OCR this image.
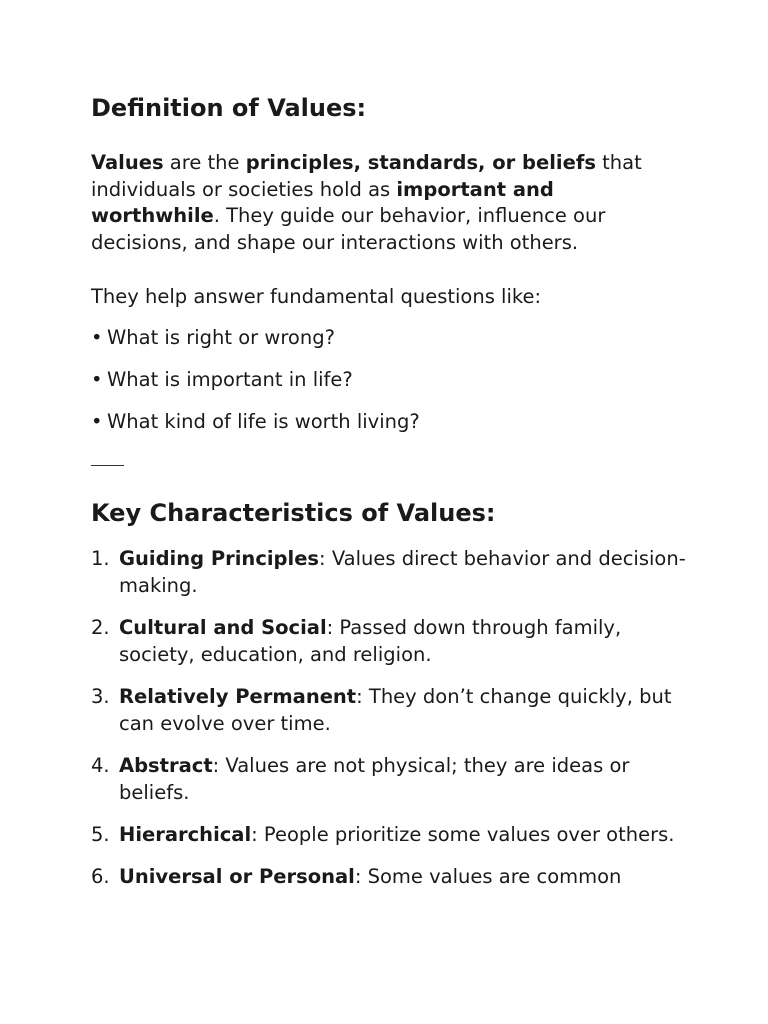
Definition of Values:

Values are the principles, standards, or beliefs that individuals or societies hold as important and worthwhile. They guide our behavior, influence our decisions, and shape our interactions with others.

They help answer fundamental questions like:

• What is right or wrong?
• What is important in life?
• What kind of life is worth living?
Key Characteristics of Values:
1. Guiding Principles: Values direct behavior and decision-making.
2. Cultural and Social: Passed down through family, society, education, and religion.
3. Relatively Permanent: They don’t change quickly, but can evolve over time.
4. Abstract: Values are not physical; they are ideas or beliefs.
5. Hierarchical: People prioritize some values over others.
6. Universal or Personal: Some values are common
